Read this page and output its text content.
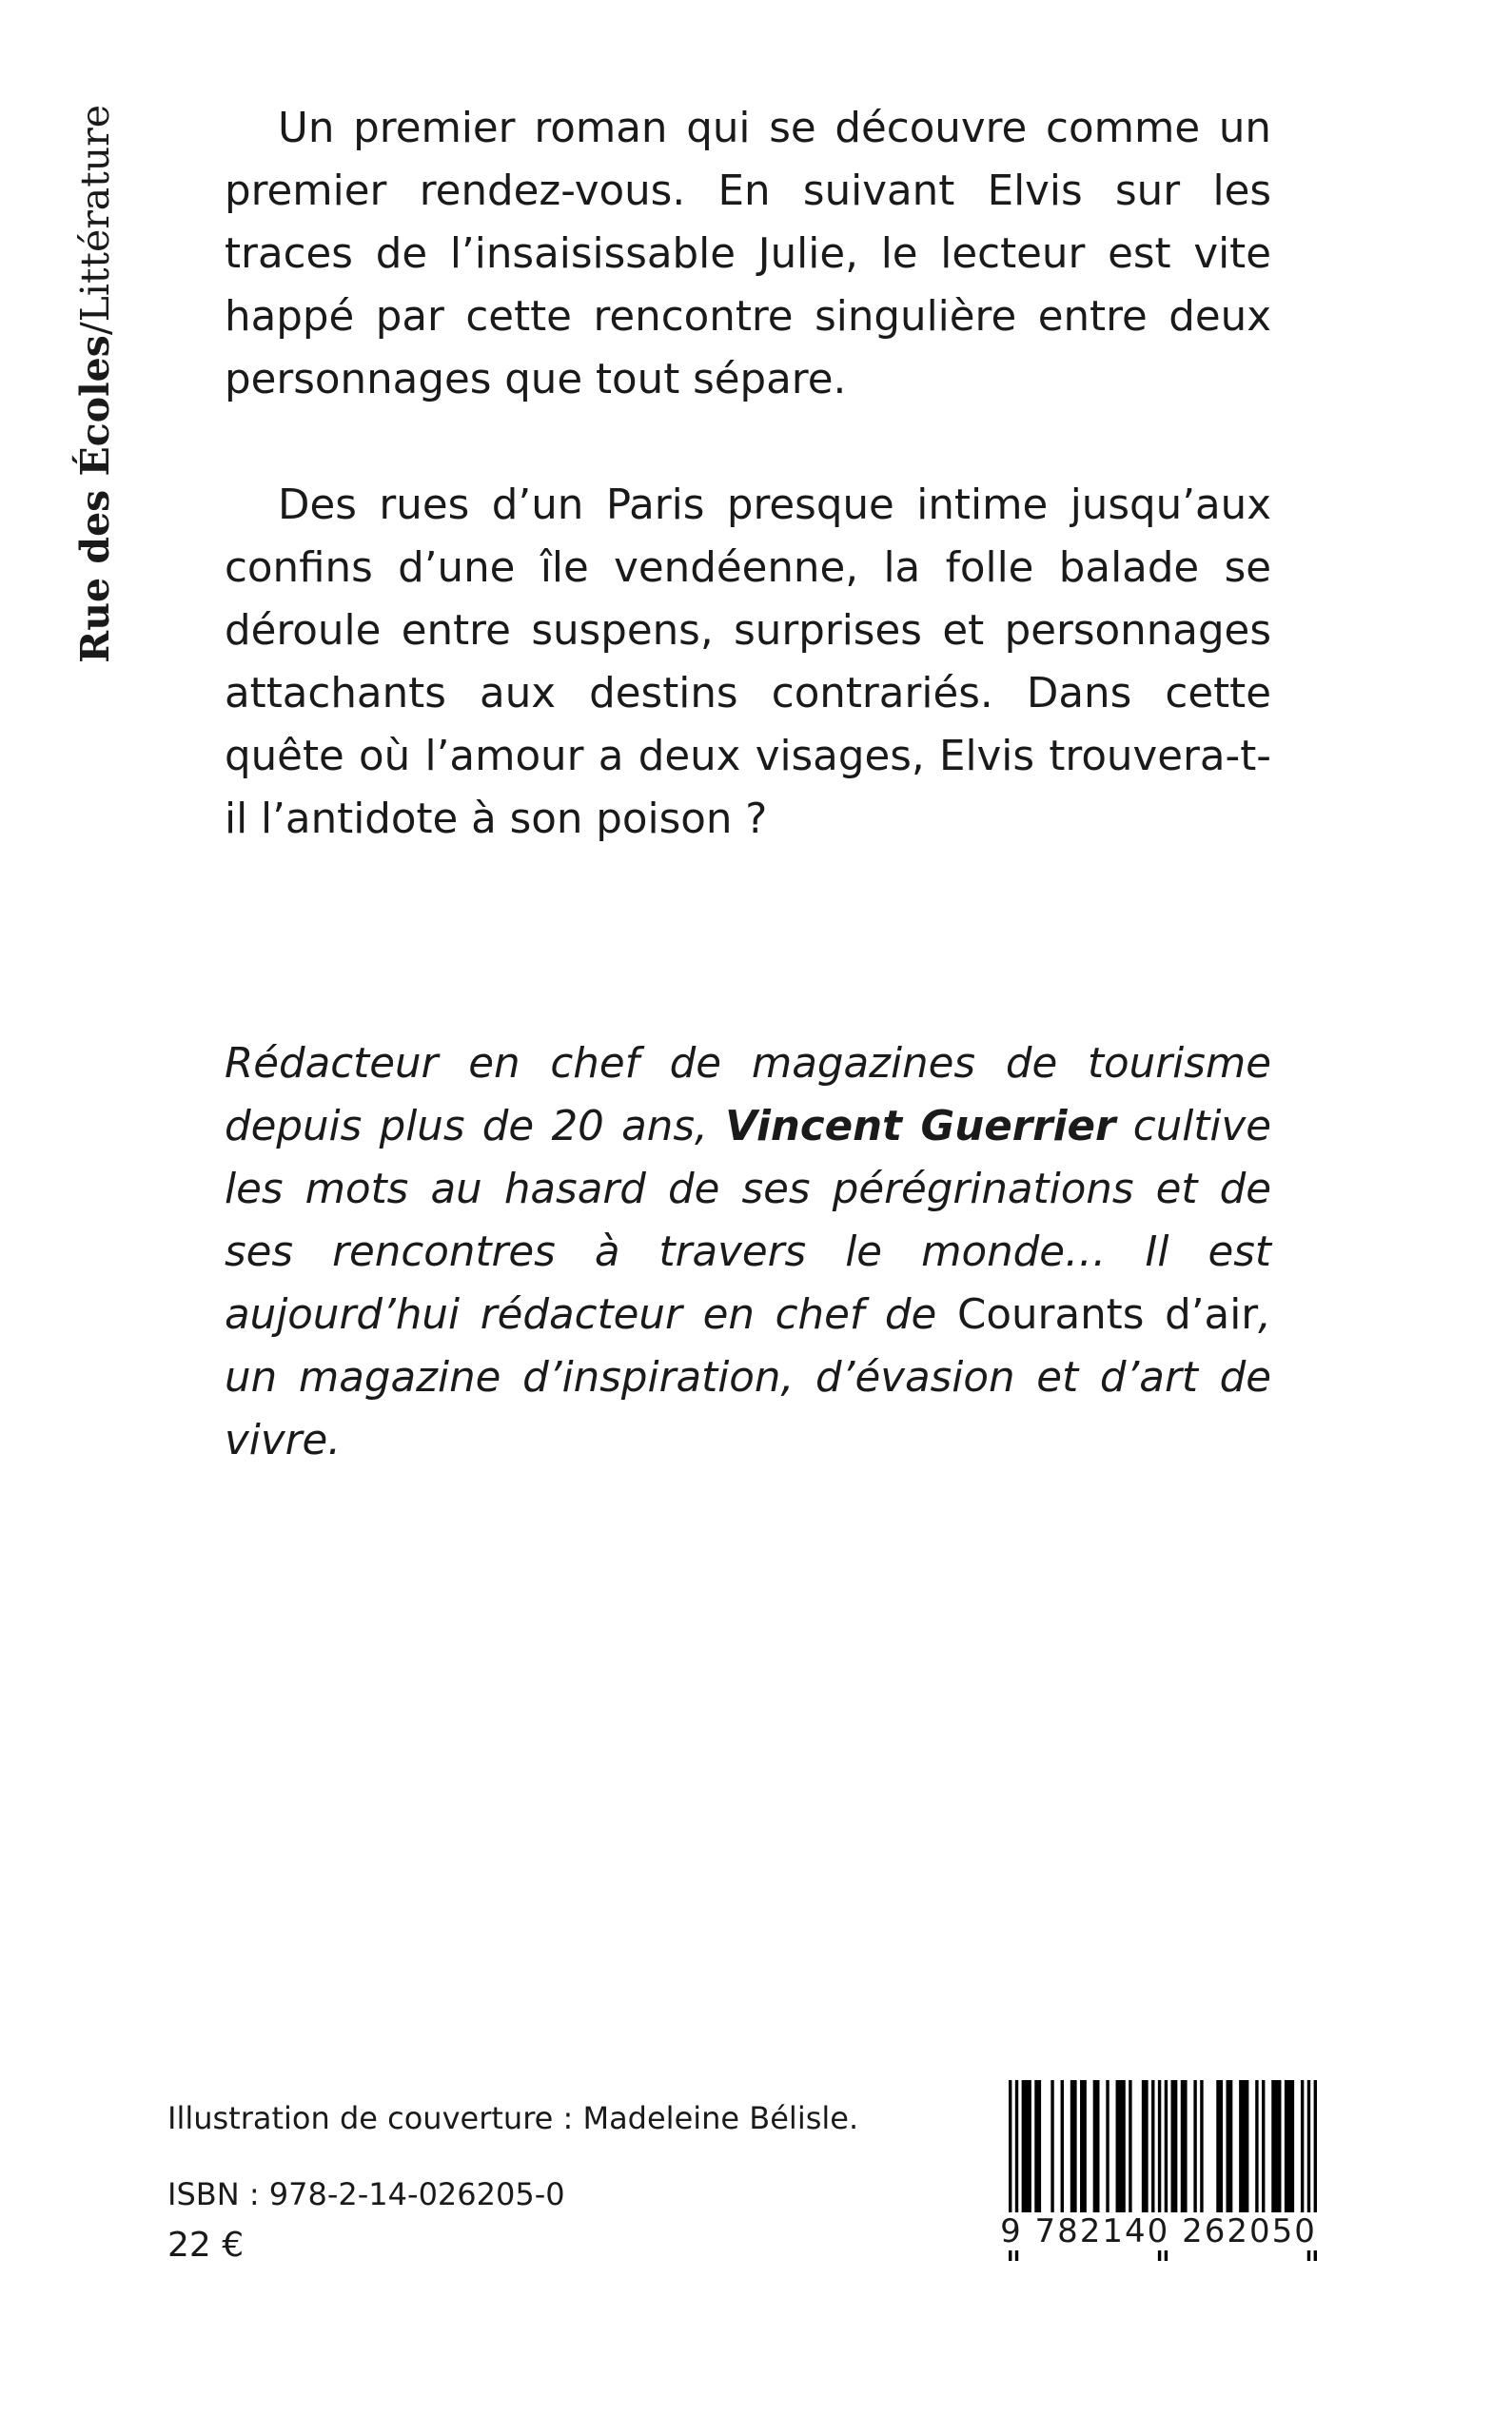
Rue des Écoles
/
Littérature	Un premier roman qui se découvre comme un premier rendez-vous. En suivant Elvis sur les traces de l’insaisissable Julie, le lecteur est vite happé par cette rencontre singulière entre deux personnages que tout sépare.

Des rues d’un Paris presque intime jusqu’aux confins d’une île vendéenne, la folle balade se déroule entre suspens, surprises et personnages attachants aux destins contrariés. Dans cette quête où l’amour a deux visages, Elvis trouvera-t-il l’antidote à son poison ?

Rédacteur en chef de magazines de tourisme depuis plus de 20 ans, Vincent Guerrier cultive les mots au hasard de ses pérégrinations et de ses rencontres à travers le monde… Il est aujourd’hui rédacteur en chef de Courants d’air, un magazine d’inspiration, d’évasion et d’art de vivre.
Illustration de couverture : Madeleine Bélisle.
ISBN : 978-2-14-026205-0
22 €	9 782140 262050
